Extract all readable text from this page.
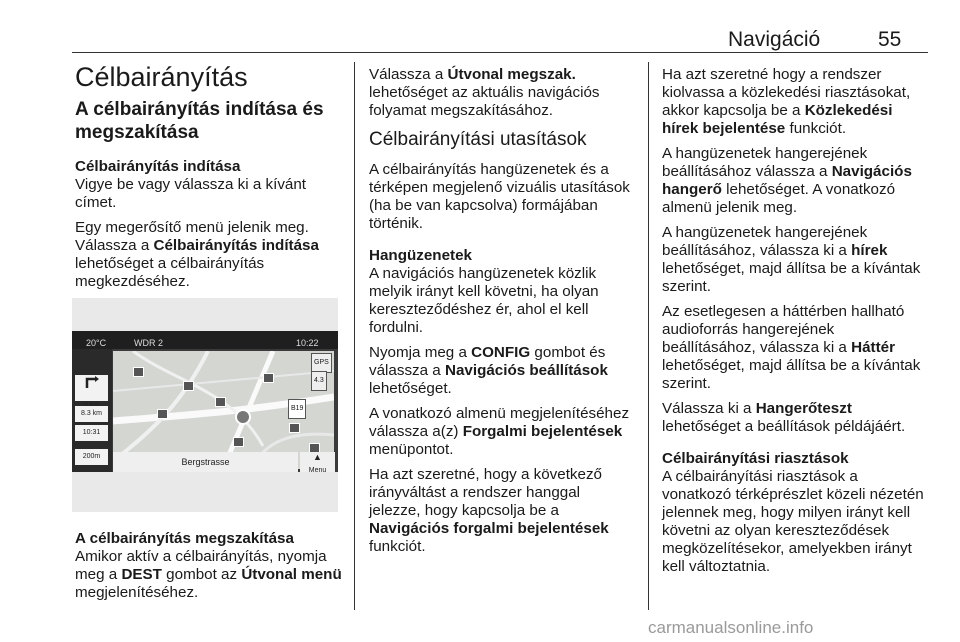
Navigáció	55
Célbairányítás
A célbairányítás indítása és megszakítása
Célbairányítás indítása

Vigye be vagy válassza ki a kívánt címet.

Egy megerősítő menü jelenik meg. Válassza a Célbairányítás indítása lehetőséget a célbairányítás megkezdéséhez.

20°C	WDR 2	10:22
8.3 km
10:31
200m
B19
GPS
4.3
Bergstrasse	▲
Menu
A célbairányítás megszakítása

Amikor aktív a célbairányítás, nyomja meg a DEST gombot az Útvonal menü megjelenítéséhez.

Válassza a Útvonal megszak. lehetőséget az aktuális navigációs folyamat megszakításához.

Célbairányítási utasítások

A célbairányítás hangüzenetek és a térképen megjelenő vizuális utasítások (ha be van kapcsolva) formájában történik.

Hangüzenetek

A navigációs hangüzenetek közlik melyik irányt kell követni, ha olyan kereszteződéshez ér, ahol el kell fordulni.

Nyomja meg a CONFIG gombot és válassza a Navigációs beállítások lehetőséget.

A vonatkozó almenü megjelenítéséhez válassza a(z) Forgalmi bejelentések menüpontot.

Ha azt szeretné, hogy a következő irányváltást a rendszer hanggal jelezze, hogy kapcsolja be a Navigációs forgalmi bejelentések funkciót.

Ha azt szeretné hogy a rendszer kiolvassa a közlekedési riasztásokat, akkor kapcsolja be a Közlekedési hírek bejelentése funkciót.

A hangüzenetek hangerejének beállításához válassza a Navigációs hangerő lehetőséget. A vonatkozó almenü jelenik meg.

A hangüzenetek hangerejének beállításához, válassza ki a hírek lehetőséget, majd állítsa be a kívántak szerint.

Az esetlegesen a háttérben hallható audioforrás hangerejének beállításához, válassza ki a Háttér lehetőséget, majd állítsa be a kívántak szerint.

Válassza ki a Hangerőteszt lehetőséget a beállítások példájáért.

Célbairányítási riasztások

A célbairányítási riasztások a vonatkozó térképrészlet közeli nézetén jelennek meg, hogy milyen irányt kell követni az olyan kereszteződések megközelítésekor, amelyekben irányt kell változtatnia.

carmanualsonline.info
